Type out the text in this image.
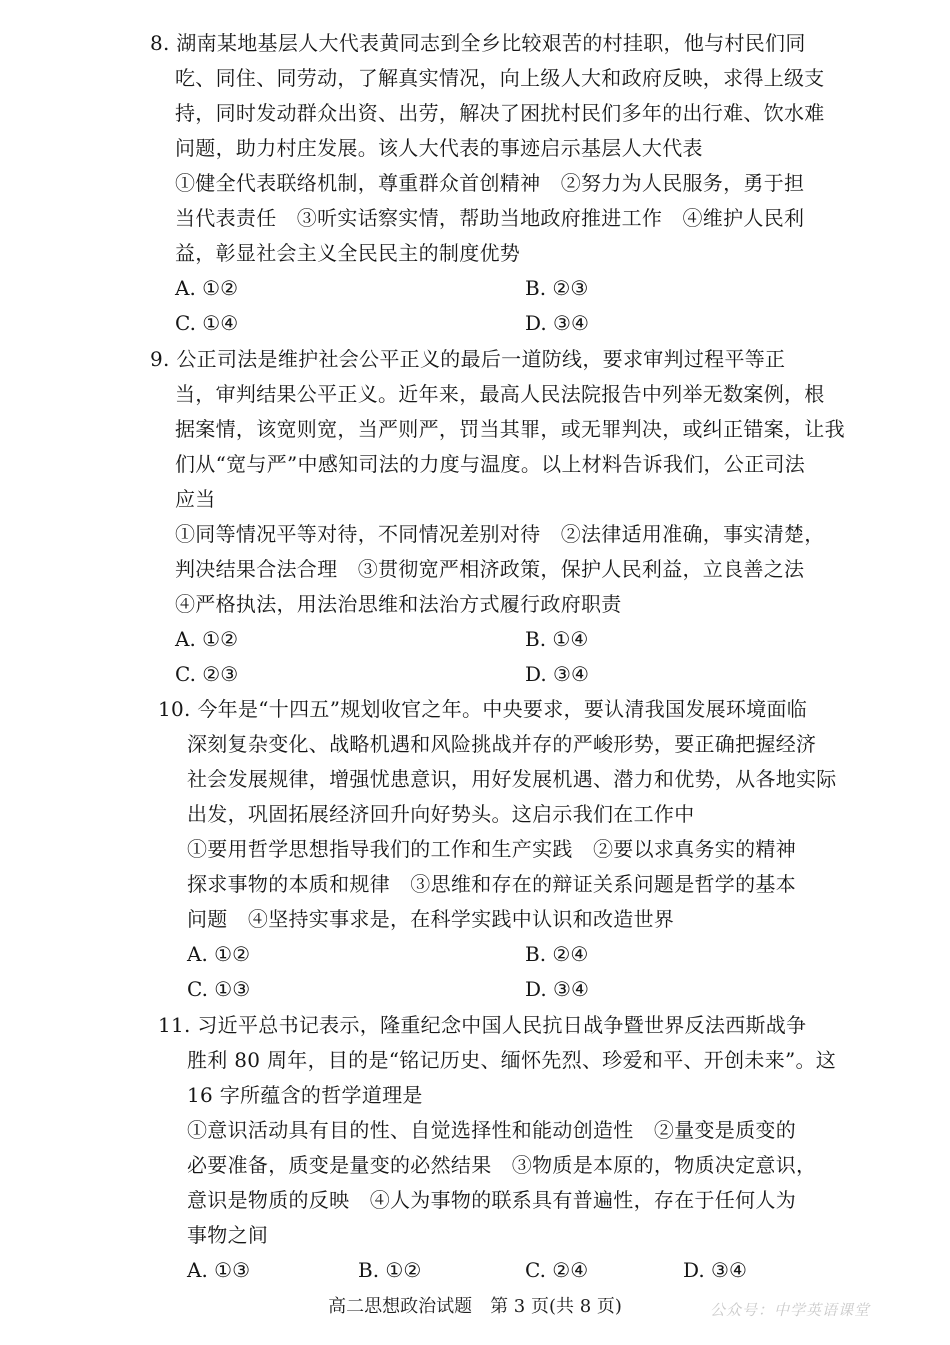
8. 湖南某地基层人大代表黄同志到全乡比较艰苦的村挂职，他与村民们同
吃、同住、同劳动，了解真实情况，向上级人大和政府反映，求得上级支
持，同时发动群众出资、出劳，解决了困扰村民们多年的出行难、饮水难
问题，助力村庄发展。该人大代表的事迹启示基层人大代表
①健全代表联络机制，尊重群众首创精神　②努力为人民服务，勇于担
当代表责任　③听实话察实情，帮助当地政府推进工作　④维护人民利
益，彰显社会主义全民民主的制度优势
A. ①②	B. ②③
C. ①④	D. ③④
9. 公正司法是维护社会公平正义的最后一道防线，要求审判过程平等正
当，审判结果公平正义。近年来，最高人民法院报告中列举无数案例，根
据案情，该宽则宽，当严则严，罚当其罪，或无罪判决，或纠正错案，让我
们从“宽与严”中感知司法的力度与温度。以上材料告诉我们，公正司法
应当
①同等情况平等对待，不同情况差别对待　②法律适用准确，事实清楚，
判决结果合法合理　③贯彻宽严相济政策，保护人民利益，立良善之法
④严格执法，用法治思维和法治方式履行政府职责
A. ①②	B. ①④
C. ②③	D. ③④
10. 今年是“十四五”规划收官之年。中央要求，要认清我国发展环境面临
深刻复杂变化、战略机遇和风险挑战并存的严峻形势，要正确把握经济
社会发展规律，增强忧患意识，用好发展机遇、潜力和优势，从各地实际
出发，巩固拓展经济回升向好势头。这启示我们在工作中
①要用哲学思想指导我们的工作和生产实践　②要以求真务实的精神
探求事物的本质和规律　③思维和存在的辩证关系问题是哲学的基本
问题　④坚持实事求是，在科学实践中认识和改造世界
A. ①②	B. ②④
C. ①③	D. ③④
11. 习近平总书记表示，隆重纪念中国人民抗日战争暨世界反法西斯战争
胜利 80 周年，目的是“铭记历史、缅怀先烈、珍爱和平、开创未来”。这
16 字所蕴含的哲学道理是
①意识活动具有目的性、自觉选择性和能动创造性　②量变是质变的
必要准备，质变是量变的必然结果　③物质是本原的，物质决定意识，
意识是物质的反映　④人为事物的联系具有普遍性，存在于任何人为
事物之间
A. ①③	B. ①②	C. ②④	D. ③④
高二思想政治试题　第 3 页(共 8 页)	公众号：中学英语课堂
